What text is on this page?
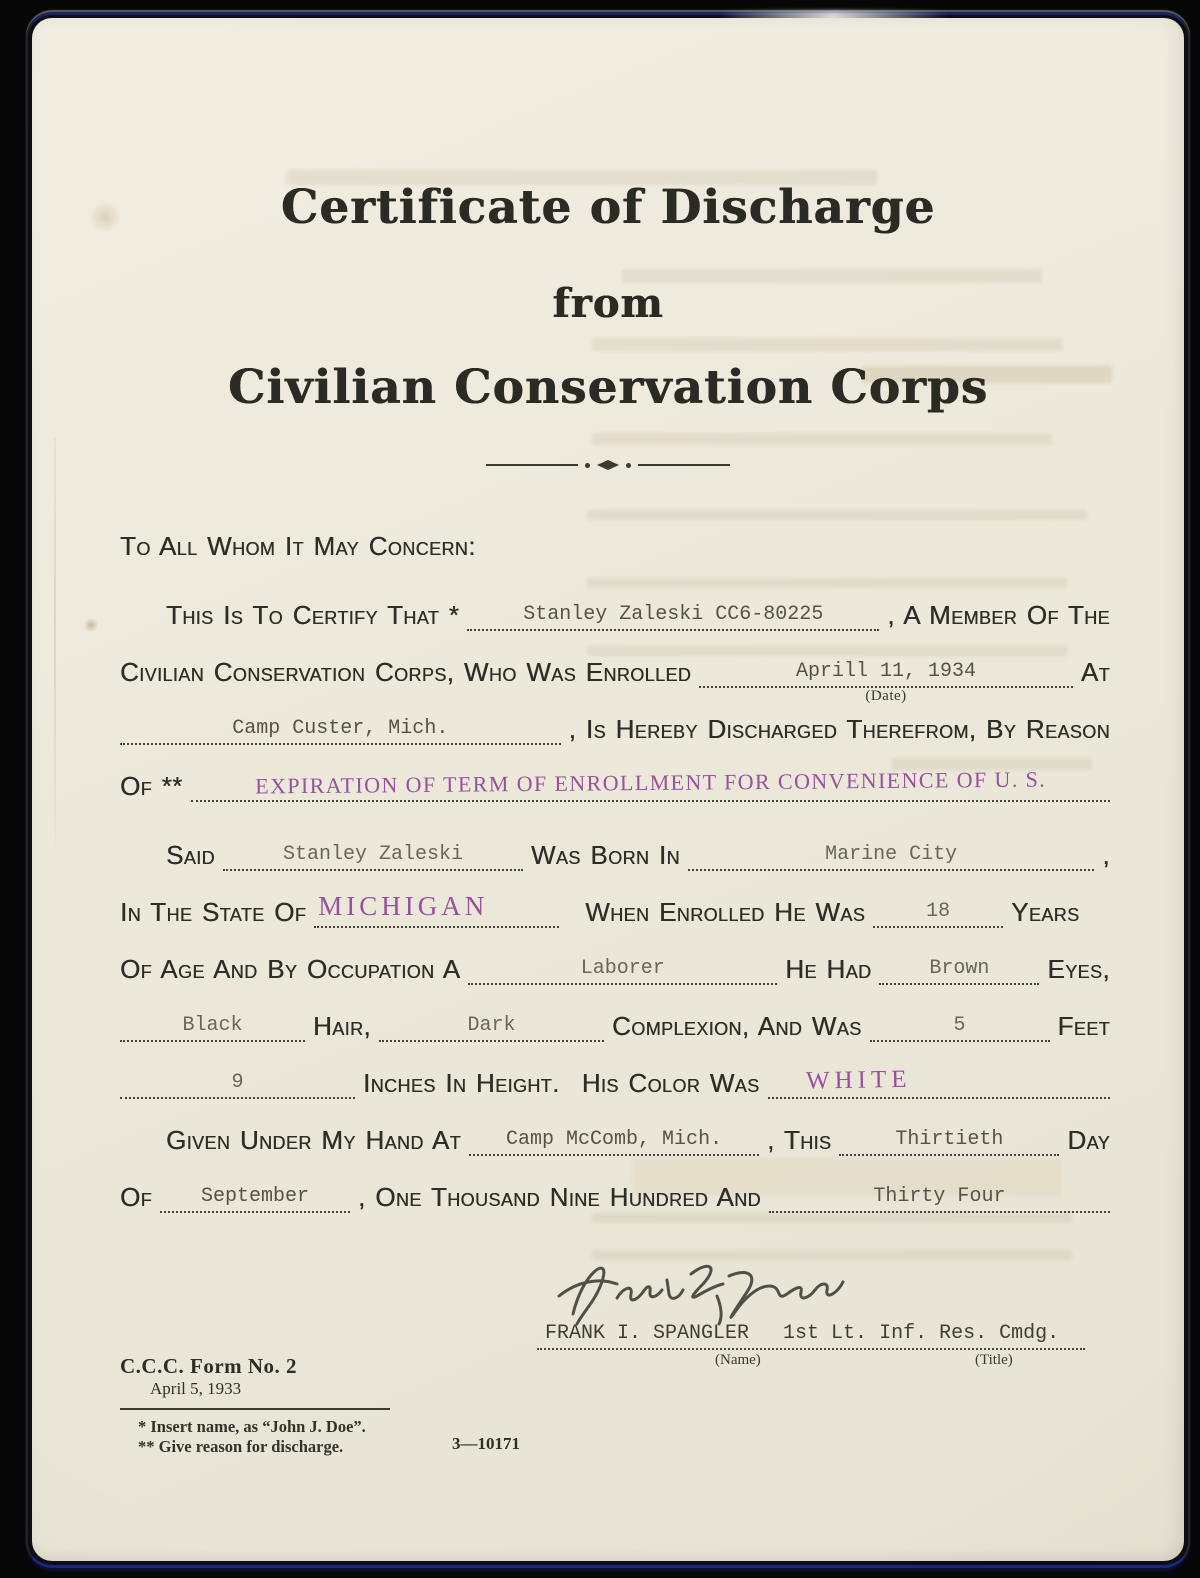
Certificate of Discharge
from
Civilian Conservation Corps
To All Whom It May Concern:
This Is To Certify That *	Stanley Zaleski CC6-80225	, A Member Of The
Civilian Conservation Corps, Who Was Enrolled	Aprill 11, 1934
(Date)
At
Camp Custer, Mich.	, Is Hereby Discharged Therefrom, By Reason
Of **	EXPIRATION OF TERM OF ENROLLMENT FOR CONVENIENCE OF U. S.
Said	Stanley Zaleski	Was Born In	Marine City	,
In The State Of MICHIGAN	When Enrolled He Was	18	Years
Of Age And By Occupation A	Laborer	He Had	Brown	Eyes,
Black	Hair,	Dark	Complexion, And Was	5	Feet
9	Inches In Height. His Color Was WHITE
Given Under My Hand At	Camp McComb, Mich.	, This	Thirtieth	Day
Of	September	, One Thousand Nine Hundred And	Thirty Four
FRANK I. SPANGLER 1st Lt. Inf. Res. Cmdg.
(Name)	(Title)
C.C.C. Form No. 2
April 5, 1933
* Insert name, as “John J. Doe”.
** Give reason for discharge.	3—10171
